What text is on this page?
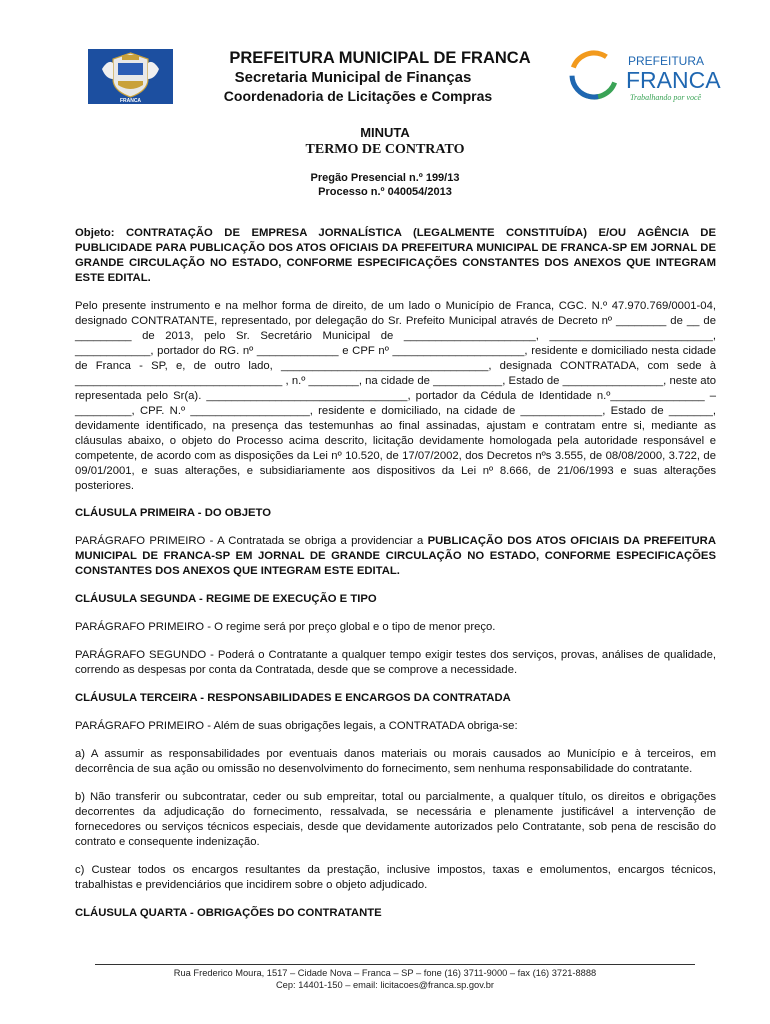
FRANCA
PREFEITURA MUNICIPAL DE FRANCA
Secretaria Municipal de Finanças
Coordenadoria de Licitações e Compras
PREFEITURA
FRANCA
Trabalhando por você
MINUTA
TERMO DE CONTRATO
Pregão Presencial n.º 199/13
Processo n.º 040054/2013

Objeto: CONTRATAÇÃO DE EMPRESA JORNALÍSTICA (LEGALMENTE CONSTITUÍDA) E/OU AGÊNCIA DE PUBLICIDADE PARA PUBLICAÇÃO DOS ATOS OFICIAIS DA PREFEITURA MUNICIPAL DE FRANCA-SP EM JORNAL DE GRANDE CIRCULAÇÃO NO ESTADO, CONFORME ESPECIFICAÇÕES CONSTANTES DOS ANEXOS QUE INTEGRAM ESTE EDITAL.

Pelo presente instrumento e na melhor forma de direito, de um lado o Município de Franca, CGC. N.º 47.970.769/0001-04, designado CONTRATANTE, representado, por delegação do Sr. Prefeito Municipal através de Decreto nº ________ de __ de _________ de 2013, pelo Sr. Secretário Municipal de _____________________, __________________________, ____________, portador do RG. nº _____________ e CPF nº _____________________, residente e domiciliado nesta cidade de Franca - SP, e, de outro lado, _________________________________, designada CONTRATADA, com sede à _________________________________ , n.º ________, na cidade de ___________, Estado de ________________, neste ato representada pelo Sr(a). ________________________________, portador da Cédula de Identidade n.º_______________ – _________, CPF. N.º ___________________, residente e domiciliado, na cidade de _____________, Estado de _______, devidamente identificado, na presença das testemunhas ao final assinadas, ajustam e contratam entre si, mediante as cláusulas abaixo, o objeto do Processo acima descrito, licitação devidamente homologada pela autoridade responsável e competente, de acordo com as disposições da Lei nº 10.520, de 17/07/2002, dos Decretos nºs 3.555, de 08/08/2000, 3.722, de 09/01/2001, e suas alterações, e subsidiariamente aos dispositivos da Lei nº 8.666, de 21/06/1993 e suas alterações posteriores.

CLÁUSULA PRIMEIRA - DO OBJETO

PARÁGRAFO PRIMEIRO - A Contratada se obriga a providenciar a PUBLICAÇÃO DOS ATOS OFICIAIS DA PREFEITURA MUNICIPAL DE FRANCA-SP EM JORNAL DE GRANDE CIRCULAÇÃO NO ESTADO, CONFORME ESPECIFICAÇÕES CONSTANTES DOS ANEXOS QUE INTEGRAM ESTE EDITAL.

CLÁUSULA SEGUNDA - REGIME DE EXECUÇÃO E TIPO

PARÁGRAFO PRIMEIRO - O regime será por preço global e o tipo de menor preço.

PARÁGRAFO SEGUNDO - Poderá o Contratante a qualquer tempo exigir testes dos serviços, provas, análises de qualidade, correndo as despesas por conta da Contratada, desde que se comprove a necessidade.

CLÁUSULA TERCEIRA - RESPONSABILIDADES E ENCARGOS DA CONTRATADA

PARÁGRAFO PRIMEIRO - Além de suas obrigações legais, a CONTRATADA obriga-se:

a) A assumir as responsabilidades por eventuais danos materiais ou morais causados ao Município e à terceiros, em decorrência de sua ação ou omissão no desenvolvimento do fornecimento, sem nenhuma responsabilidade do contratante.

b) Não transferir ou subcontratar, ceder ou sub empreitar, total ou parcialmente, a qualquer título, os direitos e obrigações decorrentes da adjudicação do fornecimento, ressalvada, se necessária e plenamente justificável a intervenção de fornecedores ou serviços técnicos especiais, desde que devidamente autorizados pelo Contratante, sob pena de rescisão do contrato e consequente indenização.

c) Custear todos os encargos resultantes da prestação, inclusive impostos, taxas e emolumentos, encargos técnicos, trabalhistas e previdenciários que incidirem sobre o objeto adjudicado.

CLÁUSULA QUARTA - OBRIGAÇÕES DO CONTRATANTE

Rua Frederico Moura, 1517 – Cidade Nova – Franca – SP – fone (16) 3711-9000 – fax (16) 3721-8888
Cep: 14401-150 – email: licitacoes@franca.sp.gov.br
